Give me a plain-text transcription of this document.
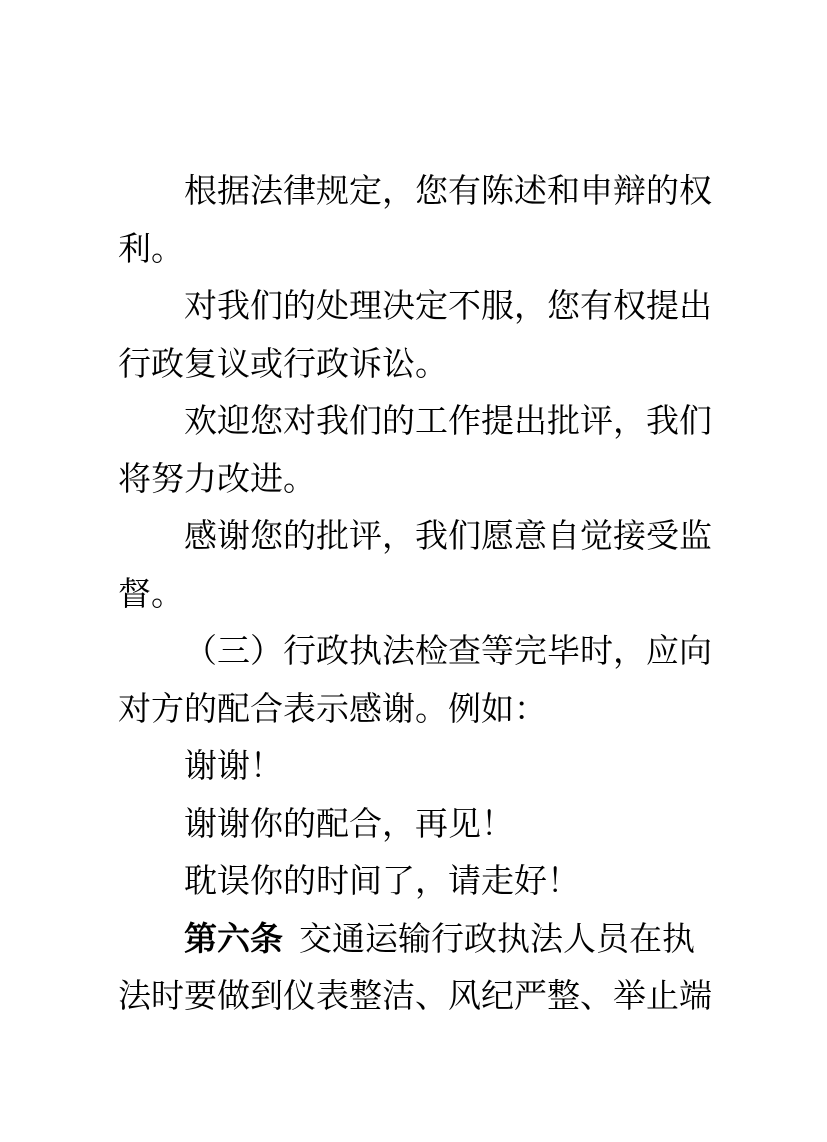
根据法律规定，您有陈述和申辩的权
利。
对我们的处理决定不服，您有权提出
行政复议或行政诉讼。
欢迎您对我们的工作提出批评，我们
将努力改进。
感谢您的批评，我们愿意自觉接受监
督。
（三）行政执法检查等完毕时，应向
对方的配合表示感谢。例如：
谢谢！
谢谢你的配合，再见！
耽误你的时间了，请走好！
第六条 交通运输行政执法人员在执
法时要做到仪表整洁、风纪严整、举止端
